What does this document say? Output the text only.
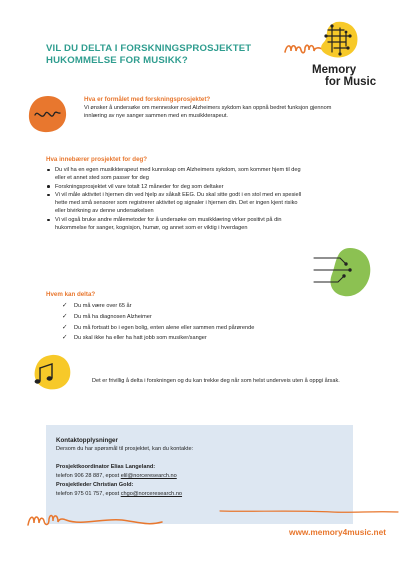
VIL DU DELTA I FORSKNINGSPROSJEKTET
HUKOMMELSE FOR MUSIKK?
Memory
for Music
Hva er formålet med forskningsprosjektet?
Vi ønsker å undersøke om mennesker med Alzheimers sykdom kan oppnå bedret funksjon gjennom innlæring av nye sanger sammen med en musikkterapeut.
Hva innebærer prosjektet for deg?
Du vil ha en egen musikkterapeut med kunnskap om Alzheimers sykdom, som kommer hjem til deg eller et annet sted som passer for deg
Forskningsprosjektet vil vare totalt 12 måneder for deg som deltaker
Vi vil måle aktivitet i hjernen din ved hjelp av såkalt EEG. Du skal sitte godt i en stol med en spesiell hette med små sensorer som registrerer aktivitet og signaler i hjernen din. Det er ingen kjent risiko eller bivirkning av denne undersøkelsen
Vi vil også bruke andre målemetoder for å undersøke om musikklæring virker positivt på din hukommelse for sanger, kognisjon, humør, og annet som er viktig i hverdagen
Hvem kan delta?
✓ Du må være over 65 år
✓ Du må ha diagnosen Alzheimer
✓ Du må fortsatt bo i egen bolig, enten alene eller sammen med pårørende
✓ Du skal ikke ha eller ha hatt jobb som musiker/sanger
Det er frivillig å delta i forskningen og du kan trekke deg når som helst underveis uten å oppgi årsak.
Kontaktopplysninger
Dersom du har spørsmål til prosjektet, kan du kontakte:
Prosjektkoordinator Elias Langeland:
telefon 906 28 887, epost elil@norceresearch.no
Prosjektleder Christian Gold:
telefon 975 01 757, epost chgo@norceresearch.no
www.memory4music.net
